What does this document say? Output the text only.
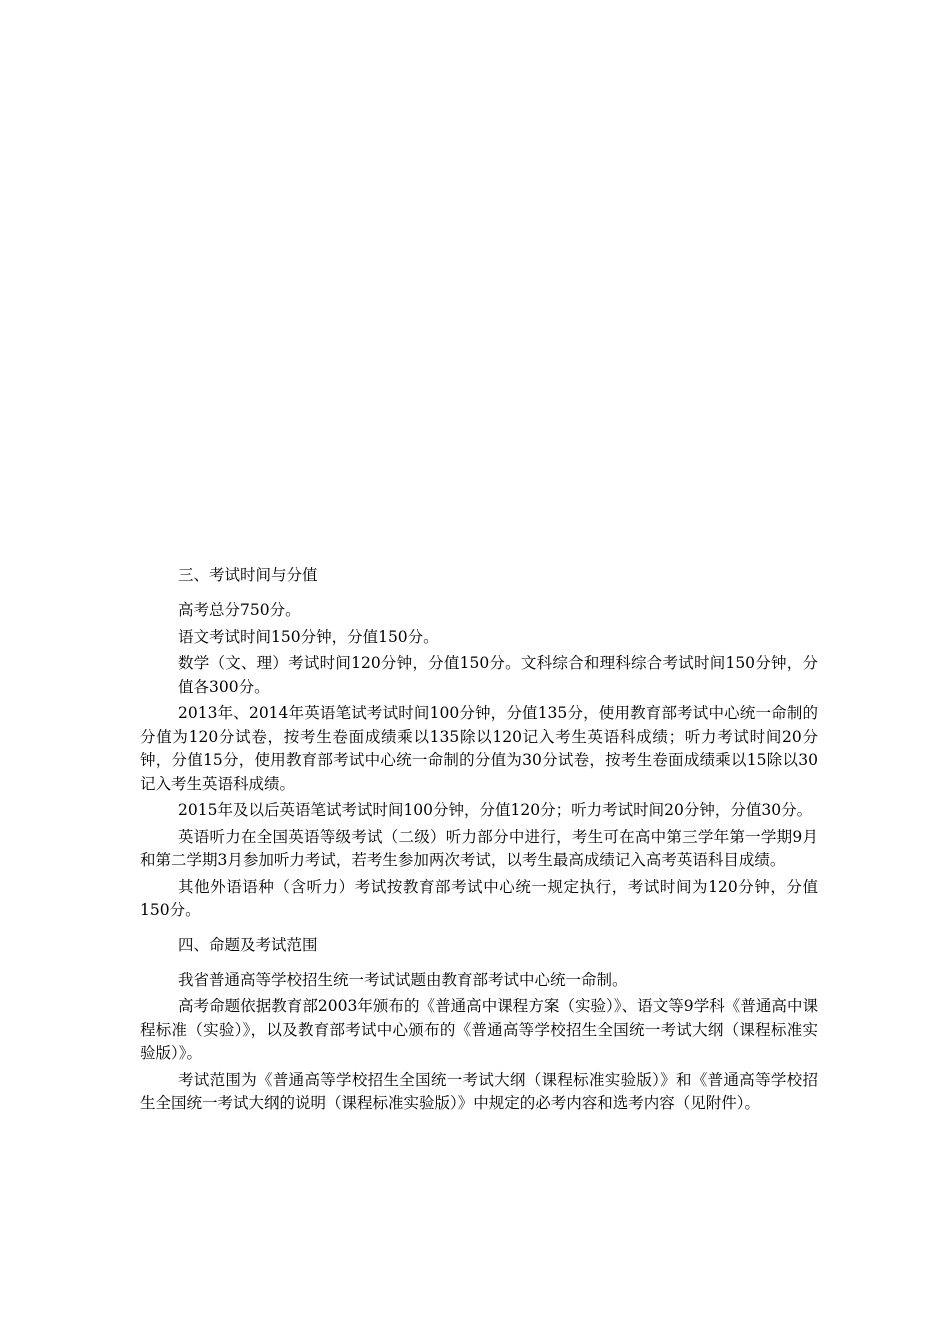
三、考试时间与分值

高考总分750分。

语文考试时间150分钟，分值150分。

数学（文、理）考试时间120分钟，分值150分。文科综合和理科综合考试时间150分钟，分值各300分。

2013年、2014年英语笔试考试时间100分钟，分值135分，使用教育部考试中心统一命制的分值为120分试卷，按考生卷面成绩乘以135除以120记入考生英语科成绩；听力考试时间20分钟，分值15分，使用教育部考试中心统一命制的分值为30分试卷，按考生卷面成绩乘以15除以30记入考生英语科成绩。

2015年及以后英语笔试考试时间100分钟，分值120分；听力考试时间20分钟，分值30分。

英语听力在全国英语等级考试（二级）听力部分中进行，考生可在高中第三学年第一学期9月和第二学期3月参加听力考试，若考生参加两次考试，以考生最高成绩记入高考英语科目成绩。

其他外语语种（含听力）考试按教育部考试中心统一规定执行，考试时间为120分钟，分值150分。

四、命题及考试范围

我省普通高等学校招生统一考试试题由教育部考试中心统一命制。

高考命题依据教育部2003年颁布的《普通高中课程方案（实验）》、语文等9学科《普通高中课程标准（实验）》，以及教育部考试中心颁布的《普通高等学校招生全国统一考试大纲（课程标准实验版）》。

考试范围为《普通高等学校招生全国统一考试大纲（课程标准实验版）》和《普通高等学校招生全国统一考试大纲的说明（课程标准实验版）》中规定的必考内容和选考内容（见附件）。
